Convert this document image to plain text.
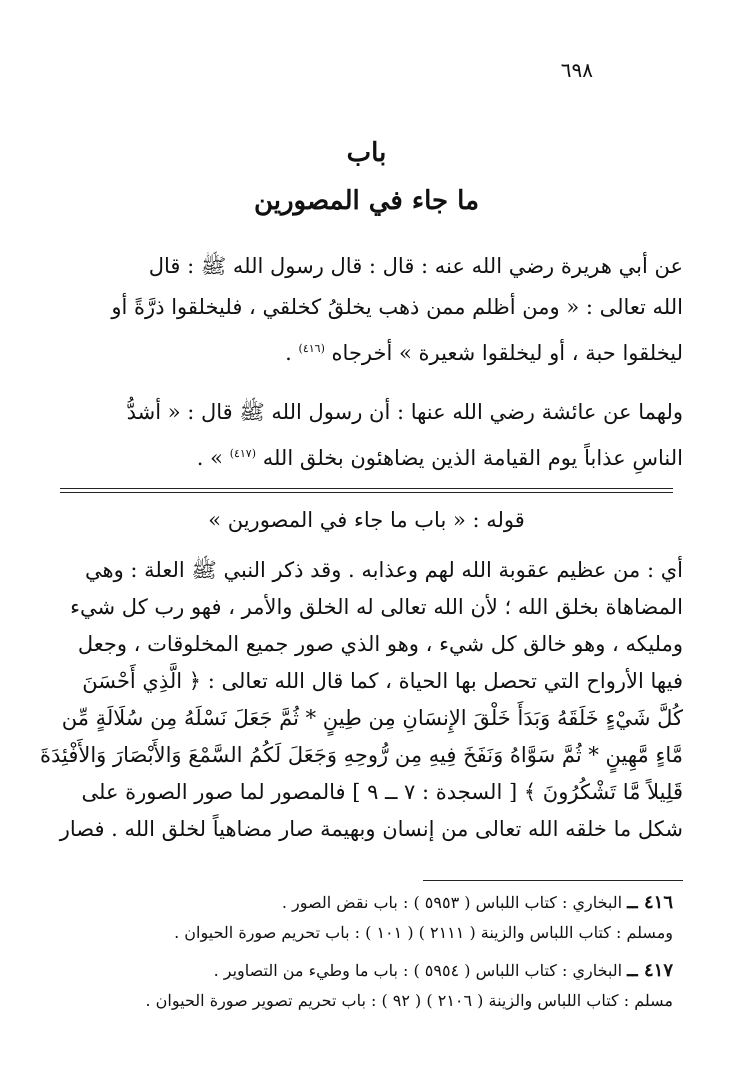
٦٩٨
باب
ما جاء في المصورين
عن أبي هريرة رضي الله عنه : قال : قال رسول الله ﷺ : قال
الله تعالى : « ومن أظلم ممن ذهب يخلقُ كخلقي ، فليخلقوا ذرَّةً أو
ليخلقوا حبة ، أو ليخلقوا شعيرة » أخرجاه $^{(٤١٦)}$ .
ولهما عن عائشة رضي الله عنها : أن رسول الله ﷺ قال : « أشدُّ
الناسِ عذاباً يوم القيامة الذين يضاهئون بخلق الله $^{(٤١٧)}$ » .
قوله : « باب ما جاء في المصورين »
أي : من عظيم عقوبة الله لهم وعذابه . وقد ذكر النبي ﷺ العلة : وهي
المضاهاة بخلق الله ؛ لأن الله تعالى له الخلق والأمر ، فهو رب كل شيء
ومليكه ، وهو خالق كل شيء ، وهو الذي صور جميع المخلوقات ، وجعل
فيها الأرواح التي تحصل بها الحياة ، كما قال الله تعالى : ﴿ الَّذِي أَحْسَنَ
كُلَّ شَيْءٍ خَلَقَهُ وَبَدَأَ خَلْقَ الإِنسَانِ مِن طِينٍ * ثُمَّ جَعَلَ نَسْلَهُ مِن سُلَالَةٍ مِّن
مَّاءٍ مَّهِينٍ * ثُمَّ سَوَّاهُ وَنَفَخَ فِيهِ مِن رُّوحِهِ وَجَعَلَ لَكُمُ السَّمْعَ وَالأَبْصَارَ وَالأَفْئِدَةَ
قَلِيلاً مَّا تَشْكُرُونَ ﴾ [ السجدة : ٧ ــ ٩ ] فالمصور لما صور الصورة على
شكل ما خلقه الله تعالى من إنسان وبهيمة صار مضاهياً لخلق الله . فصار
٤١٦ ــ البخاري : كتاب اللباس ( ٥٩٥٣ ) : باب نقض الصور .
ومسلم : كتاب اللباس والزينة ( ٢١١١ ) ( ١٠١ ) : باب تحريم صورة الحيوان .
٤١٧ ــ البخاري : كتاب اللباس ( ٥٩٥٤ ) : باب ما وطيء من التصاوير .
مسلم : كتاب اللباس والزينة ( ٢١٠٦ ) ( ٩٢ ) : باب تحريم تصوير صورة الحيوان .
